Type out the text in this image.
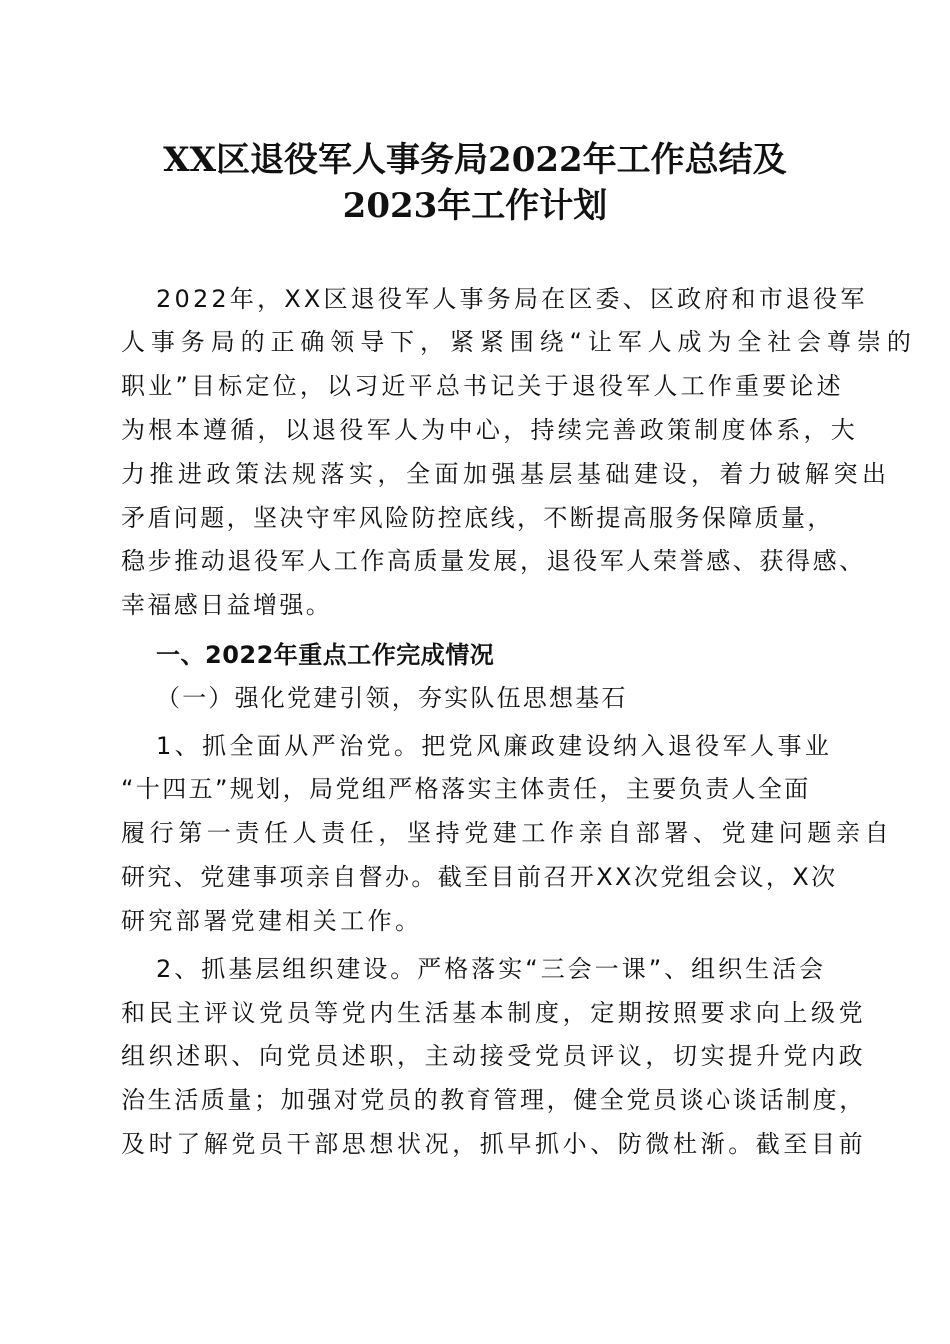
XX区退役军人事务局2022年工作总结及
2023年工作计划
2022年，XX区退役军人事务局在区委、区政府和市退役军
人事务局的正确领导下，紧紧围绕“让军人成为全社会尊崇的
职业”目标定位，以习近平总书记关于退役军人工作重要论述
为根本遵循，以退役军人为中心，持续完善政策制度体系，大
力推进政策法规落实，全面加强基层基础建设，着力破解突出
矛盾问题，坚决守牢风险防控底线，不断提高服务保障质量，
稳步推动退役军人工作高质量发展，退役军人荣誉感、获得感、
幸福感日益增强。
一、2022年重点工作完成情况
（一）强化党建引领，夯实队伍思想基石
1、抓全面从严治党。把党风廉政建设纳入退役军人事业
“十四五”规划，局党组严格落实主体责任，主要负责人全面
履行第一责任人责任，坚持党建工作亲自部署、党建问题亲自
研究、党建事项亲自督办。截至目前召开XX次党组会议，X次
研究部署党建相关工作。
2、抓基层组织建设。严格落实“三会一课”、组织生活会
和民主评议党员等党内生活基本制度，定期按照要求向上级党
组织述职、向党员述职，主动接受党员评议，切实提升党内政
治生活质量；加强对党员的教育管理，健全党员谈心谈话制度，
及时了解党员干部思想状况，抓早抓小、防微杜渐。截至目前
